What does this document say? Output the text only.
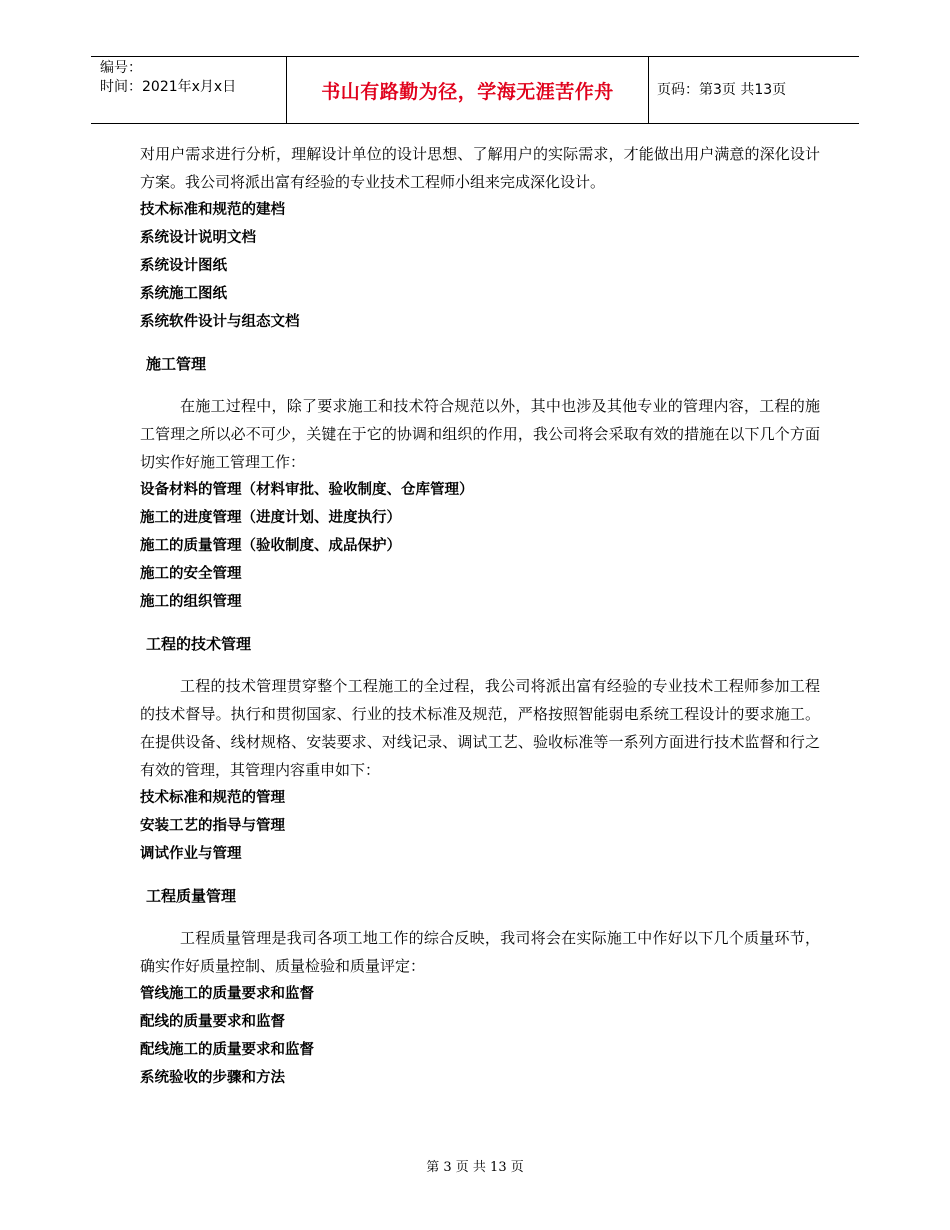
编号：
时间：2021年x月x日	书山有路勤为径，学海无涯苦作舟	页码：第3页 共13页

对用户需求进行分析，理解设计单位的设计思想、了解用户的实际需求，才能做出用户满意的深化设计方案。我公司将派出富有经验的专业技术工程师小组来完成深化设计。

技术标准和规范的建档

系统设计说明文档

系统设计图纸

系统施工图纸

系统软件设计与组态文档

施工管理

在施工过程中，除了要求施工和技术符合规范以外，其中也涉及其他专业的管理内容，工程的施工管理之所以必不可少，关键在于它的协调和组织的作用，我公司将会采取有效的措施在以下几个方面切实作好施工管理工作：

设备材料的管理（材料审批、验收制度、仓库管理）

施工的进度管理（进度计划、进度执行）

施工的质量管理（验收制度、成品保护）

施工的安全管理

施工的组织管理

工程的技术管理

工程的技术管理贯穿整个工程施工的全过程，我公司将派出富有经验的专业技术工程师参加工程的技术督导。执行和贯彻国家、行业的技术标准及规范，严格按照智能弱电系统工程设计的要求施工。在提供设备、线材规格、安装要求、对线记录、调试工艺、验收标准等一系列方面进行技术监督和行之有效的管理，其管理内容重申如下：

技术标准和规范的管理

安装工艺的指导与管理

调试作业与管理

工程质量管理

工程质量管理是我司各项工地工作的综合反映，我司将会在实际施工中作好以下几个质量环节，确实作好质量控制、质量检验和质量评定：

管线施工的质量要求和监督

配线的质量要求和监督

配线施工的质量要求和监督

系统验收的步骤和方法

第 3 页 共 13 页
